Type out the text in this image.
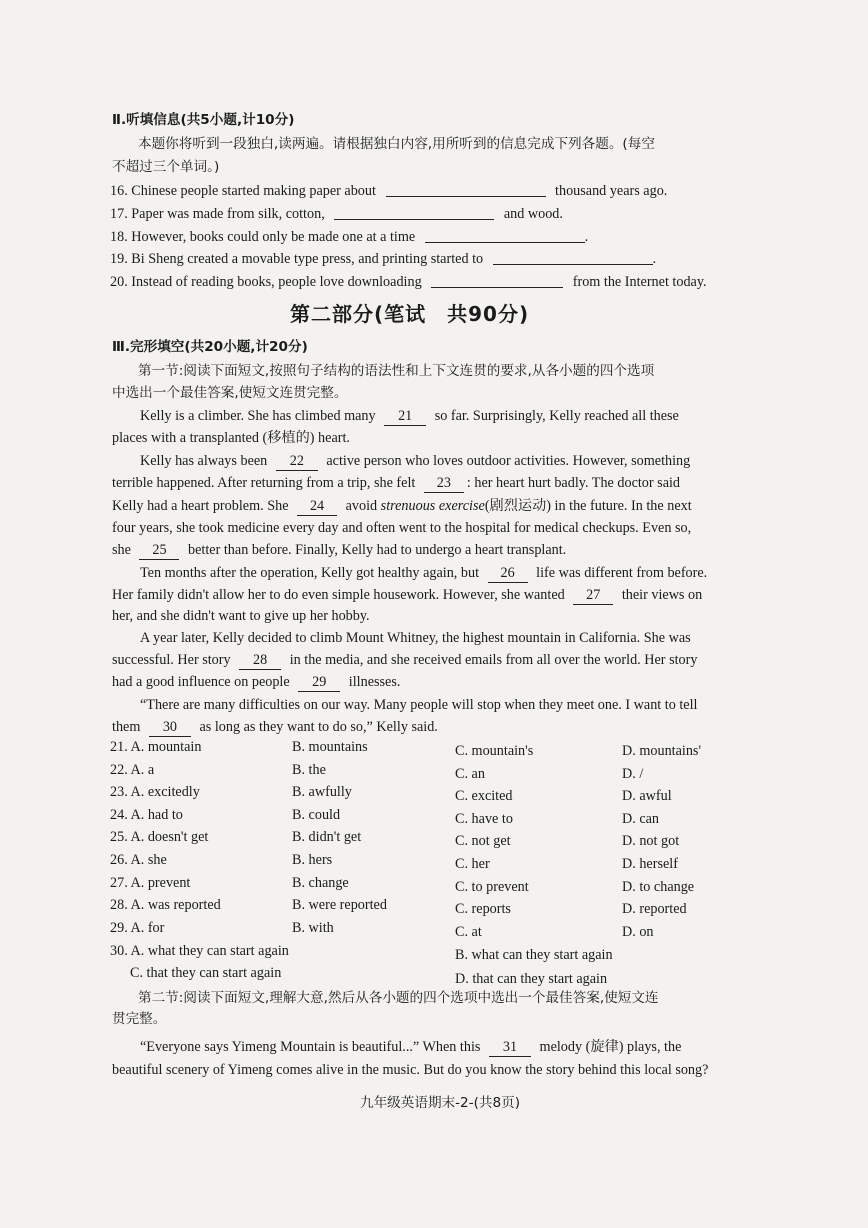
Ⅱ.听填信息(共5小题,计10分)
本题你将听到一段独白,读两遍。请根据独白内容,用所听到的信息完成下列各题。(每空
不超过三个单词。)
16. Chinese people started making paper about	thousand years ago.
17. Paper was made from silk, cotton,	and wood.
18. However, books could only be made one at a time	.
19. Bi Sheng created a movable type press, and printing started to	.
20. Instead of reading books, people love downloading	from the Internet today.
第二部分(笔试　共90分)
Ⅲ.完形填空(共20小题,计20分)
第一节:阅读下面短文,按照句子结构的语法性和上下文连贯的要求,从各小题的四个选项
中选出一个最佳答案,使短文连贯完整。
Kelly is a climber. She has climbed many 21 so far. Surprisingly, Kelly reached all these
places with a transplanted (移植的) heart.
Kelly has always been 22 active person who loves outdoor activities. However, something
terrible happened. After returning from a trip, she felt 23 : her heart hurt badly. The doctor said
Kelly had a heart problem. She 24 avoid strenuous exercise(剧烈运动) in the future. In the next
four years, she took medicine every day and often went to the hospital for medical checkups. Even so,
she 25 better than before. Finally, Kelly had to undergo a heart transplant.
Ten months after the operation, Kelly got healthy again, but 26 life was different from before.
Her family didn't allow her to do even simple housework. However, she wanted 27 their views on
her, and she didn't want to give up her hobby.
A year later, Kelly decided to climb Mount Whitney, the highest mountain in California. She was
successful. Her story 28 in the media, and she received emails from all over the world. Her story
had a good influence on people 29 illnesses.
“There are many difficulties on our way. Many people will stop when they meet one. I want to tell
them 30 as long as they want to do so,” Kelly said.
21. A. mountain	B. mountains	C. mountain's	D. mountains'
22. A. a	B. the	C. an	D. /
23. A. excitedly	B. awfully	C. excited	D. awful
24. A. had to	B. could	C. have to	D. can
25. A. doesn't get	B. didn't get	C. not get	D. not got
26. A. she	B. hers	C. her	D. herself
27. A. prevent	B. change	C. to prevent	D. to change
28. A. was reported	B. were reported	C. reports	D. reported
29. A. for	B. with	C. at	D. on
30. A. what they can start again	B. what can they start again
C. that they can start again	D. that can they start again
第二节:阅读下面短文,理解大意,然后从各小题的四个选项中选出一个最佳答案,使短文连
贯完整。
“Everyone says Yimeng Mountain is beautiful...” When this 31 melody (旋律) plays, the
beautiful scenery of Yimeng comes alive in the music. But do you know the story behind this local song?
九年级英语期末-2-(共8页)
